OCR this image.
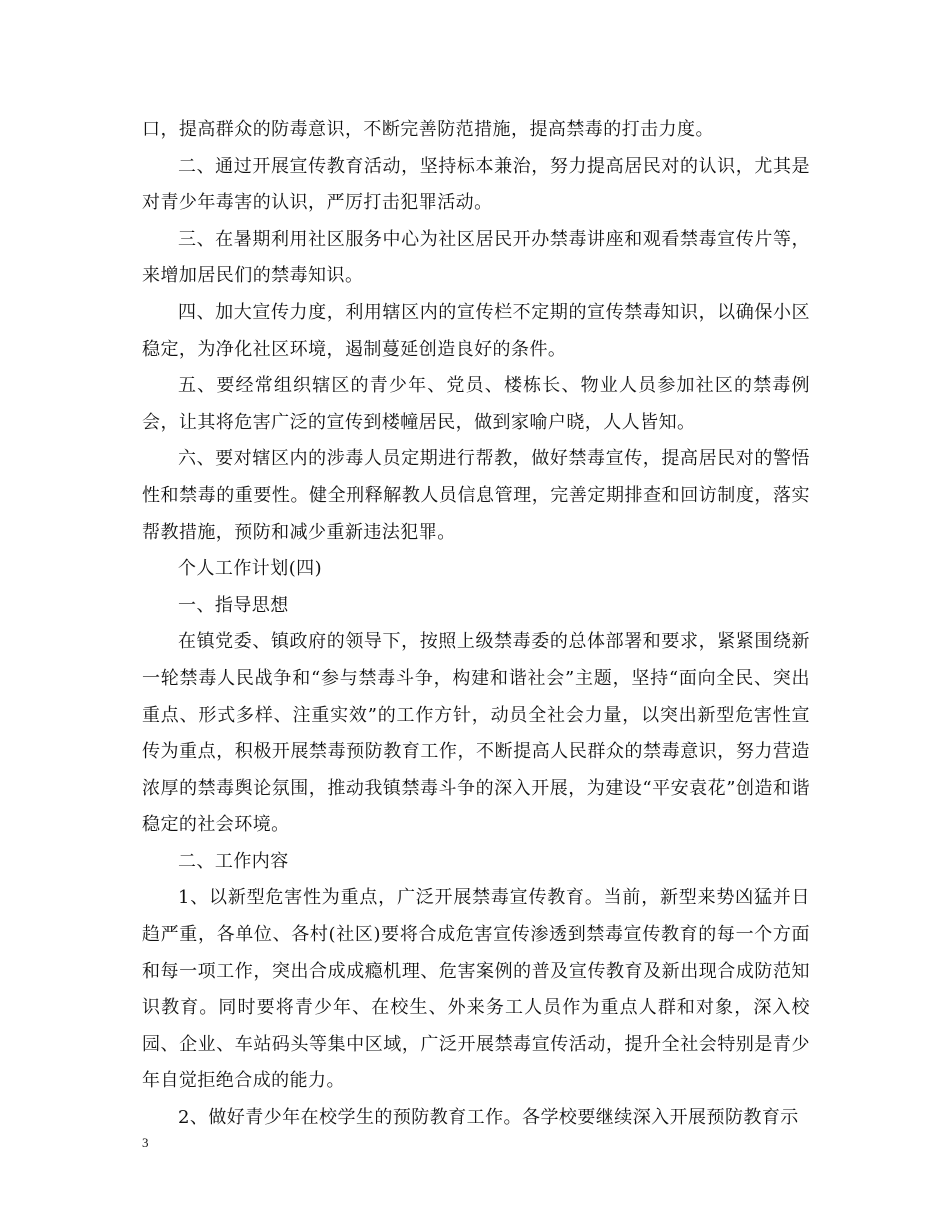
口，提高群众的防毒意识，不断完善防范措施，提高禁毒的打击力度。

二、通过开展宣传教育活动，坚持标本兼治，努力提高居民对的认识，尤其是对青少年毒害的认识，严厉打击犯罪活动。

三、在暑期利用社区服务中心为社区居民开办禁毒讲座和观看禁毒宣传片等，来增加居民们的禁毒知识。

四、加大宣传力度，利用辖区内的宣传栏不定期的宣传禁毒知识，以确保小区稳定，为净化社区环境，遏制蔓延创造良好的条件。

五、要经常组织辖区的青少年、党员、楼栋长、物业人员参加社区的禁毒例会，让其将危害广泛的宣传到楼幢居民，做到家喻户晓，人人皆知。

六、要对辖区内的涉毒人员定期进行帮教，做好禁毒宣传，提高居民对的警悟性和禁毒的重要性。健全刑释解教人员信息管理，完善定期排查和回访制度，落实帮教措施，预防和减少重新违法犯罪。

个人工作计划(四)

一、指导思想

在镇党委、镇政府的领导下，按照上级禁毒委的总体部署和要求，紧紧围绕新一轮禁毒人民战争和“参与禁毒斗争，构建和谐社会”主题，坚持“面向全民、突出重点、形式多样、注重实效”的工作方针，动员全社会力量，以突出新型危害性宣传为重点，积极开展禁毒预防教育工作，不断提高人民群众的禁毒意识，努力营造浓厚的禁毒舆论氛围，推动我镇禁毒斗争的深入开展，为建设“平安袁花”创造和谐稳定的社会环境。

二、工作内容

1、以新型危害性为重点，广泛开展禁毒宣传教育。当前，新型来势凶猛并日趋严重，各单位、各村(社区)要将合成危害宣传渗透到禁毒宣传教育的每一个方面和每一项工作，突出合成成瘾机理、危害案例的普及宣传教育及新出现合成防范知识教育。同时要将青少年、在校生、外来务工人员作为重点人群和对象，深入校园、企业、车站码头等集中区域，广泛开展禁毒宣传活动，提升全社会特别是青少年自觉拒绝合成的能力。

2、做好青少年在校学生的预防教育工作。各学校要继续深入开展预防教育示

3
